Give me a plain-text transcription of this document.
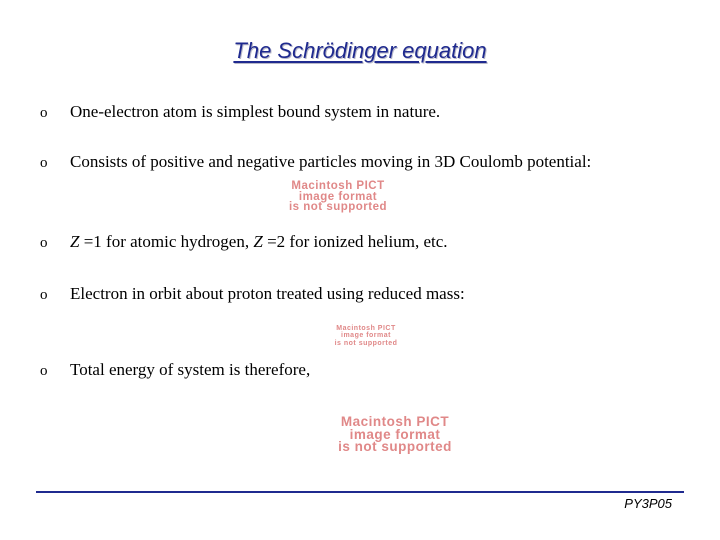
The Schrödinger equation
o	One-electron atom is simplest bound system in nature.
o	Consists of positive and negative particles moving in 3D Coulomb potential:
Macintosh PICT
image format
is not supported
o	Z =1 for atomic hydrogen, Z =2 for ionized helium, etc.
o	Electron in orbit about proton treated using reduced mass:
Macintosh PICT
image format
is not supported
o	Total energy of system is therefore,
Macintosh PICT
image format
is not supported
PY3P05
